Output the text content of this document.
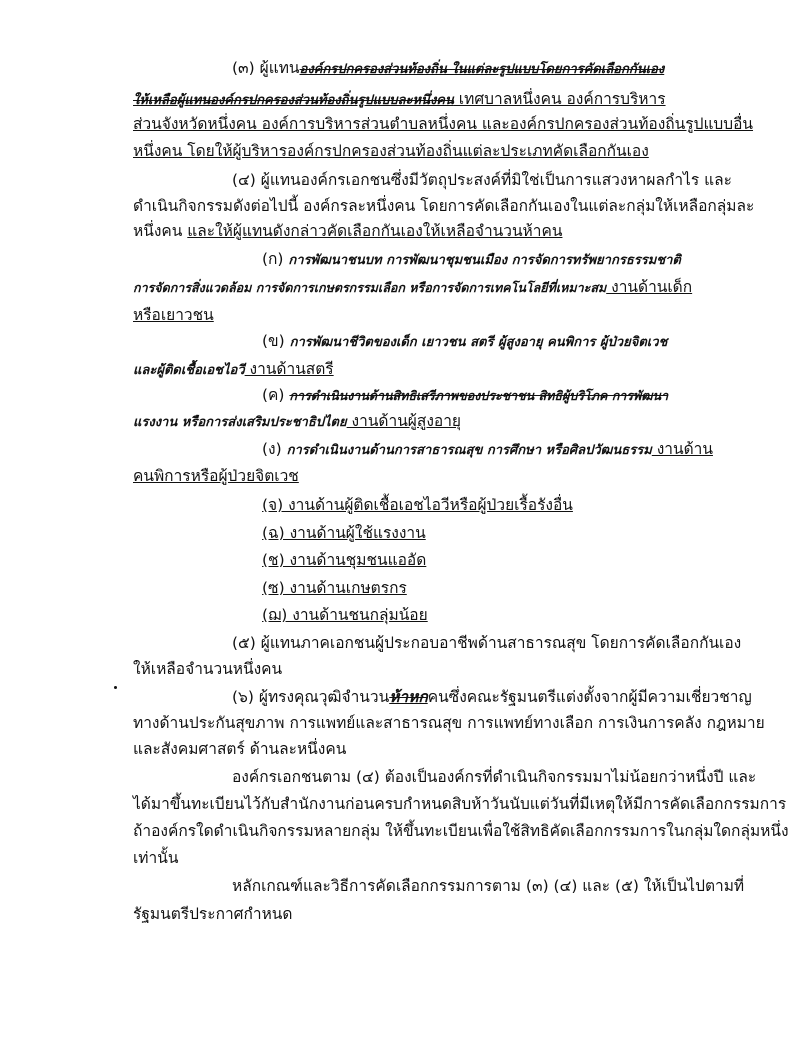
(๓) ผู้แทนองค์กรปกครองส่วนท้องถิ่น ในแต่ละรูปแบบโดยการคัดเลือกกันเอง
ให้เหลือผู้แทนองค์กรปกครองส่วนท้องถิ่นรูปแบบละหนึ่งคน เทศบาลหนึ่งคน องค์การบริหาร
ส่วนจังหวัดหนึ่งคน องค์การบริหารส่วนตำบลหนึ่งคน และองค์กรปกครองส่วนท้องถิ่นรูปแบบอื่น
หนึ่งคน โดยให้ผู้บริหารองค์กรปกครองส่วนท้องถิ่นแต่ละประเภทคัดเลือกกันเอง
(๔) ผู้แทนองค์กรเอกชนซึ่งมีวัตถุประสงค์ที่มิใช่เป็นการแสวงหาผลกำไร และ
ดำเนินกิจกรรมดังต่อไปนี้ องค์กรละหนึ่งคน โดยการคัดเลือกกันเองในแต่ละกลุ่มให้เหลือกลุ่มละ
หนึ่งคน และให้ผู้แทนดังกล่าวคัดเลือกกันเองให้เหลือจำนวนห้าคน
(ก) การพัฒนาชนบท การพัฒนาชุมชนเมือง การจัดการทรัพยากรธรรมชาติ
การจัดการสิ่งแวดล้อม การจัดการเกษตรกรรมเลือก หรือการจัดการเทคโนโลยีที่เหมาะสม งานด้านเด็ก
หรือเยาวชน
(ข) การพัฒนาชีวิตของเด็ก เยาวชน สตรี ผู้สูงอายุ คนพิการ ผู้ป่วยจิตเวช
และผู้ติดเชื้อเอชไอวี งานด้านสตรี
(ค) การดำเนินงานด้านสิทธิเสรีภาพของประชาชน สิทธิผู้บริโภค การพัฒนา
แรงงาน หรือการส่งเสริมประชาธิปไตย งานด้านผู้สูงอายุ
(ง) การดำเนินงานด้านการสาธารณสุข การศึกษา หรือศิลปวัฒนธรรม งานด้าน
คนพิการหรือผู้ป่วยจิตเวช
(จ) งานด้านผู้ติดเชื้อเอชไอวีหรือผู้ป่วยเรื้อรังอื่น
(ฉ) งานด้านผู้ใช้แรงงาน
(ช) งานด้านชุมชนแออัด
(ซ) งานด้านเกษตรกร
(ฌ) งานด้านชนกลุ่มน้อย
(๕) ผู้แทนภาคเอกชนผู้ประกอบอาชีพด้านสาธารณสุข โดยการคัดเลือกกันเอง
ให้เหลือจำนวนหนึ่งคน
(๖) ผู้ทรงคุณวุฒิจำนวนห้าหกคนซึ่งคณะรัฐมนตรีแต่งตั้งจากผู้มีความเชี่ยวชาญ
ทางด้านประกันสุขภาพ การแพทย์และสาธารณสุข การแพทย์ทางเลือก การเงินการคลัง กฎหมาย
และสังคมศาสตร์ ด้านละหนึ่งคน
องค์กรเอกชนตาม (๔) ต้องเป็นองค์กรที่ดำเนินกิจกรรมมาไม่น้อยกว่าหนึ่งปี และ
ได้มาขึ้นทะเบียนไว้กับสำนักงานก่อนครบกำหนดสิบห้าวันนับแต่วันที่มีเหตุให้มีการคัดเลือกกรรมการ
ถ้าองค์กรใดดำเนินกิจกรรมหลายกลุ่ม ให้ขึ้นทะเบียนเพื่อใช้สิทธิคัดเลือกกรรมการในกลุ่มใดกลุ่มหนึ่ง
เท่านั้น
หลักเกณฑ์และวิธีการคัดเลือกกรรมการตาม (๓) (๔) และ (๕) ให้เป็นไปตามที่
รัฐมนตรีประกาศกำหนด
